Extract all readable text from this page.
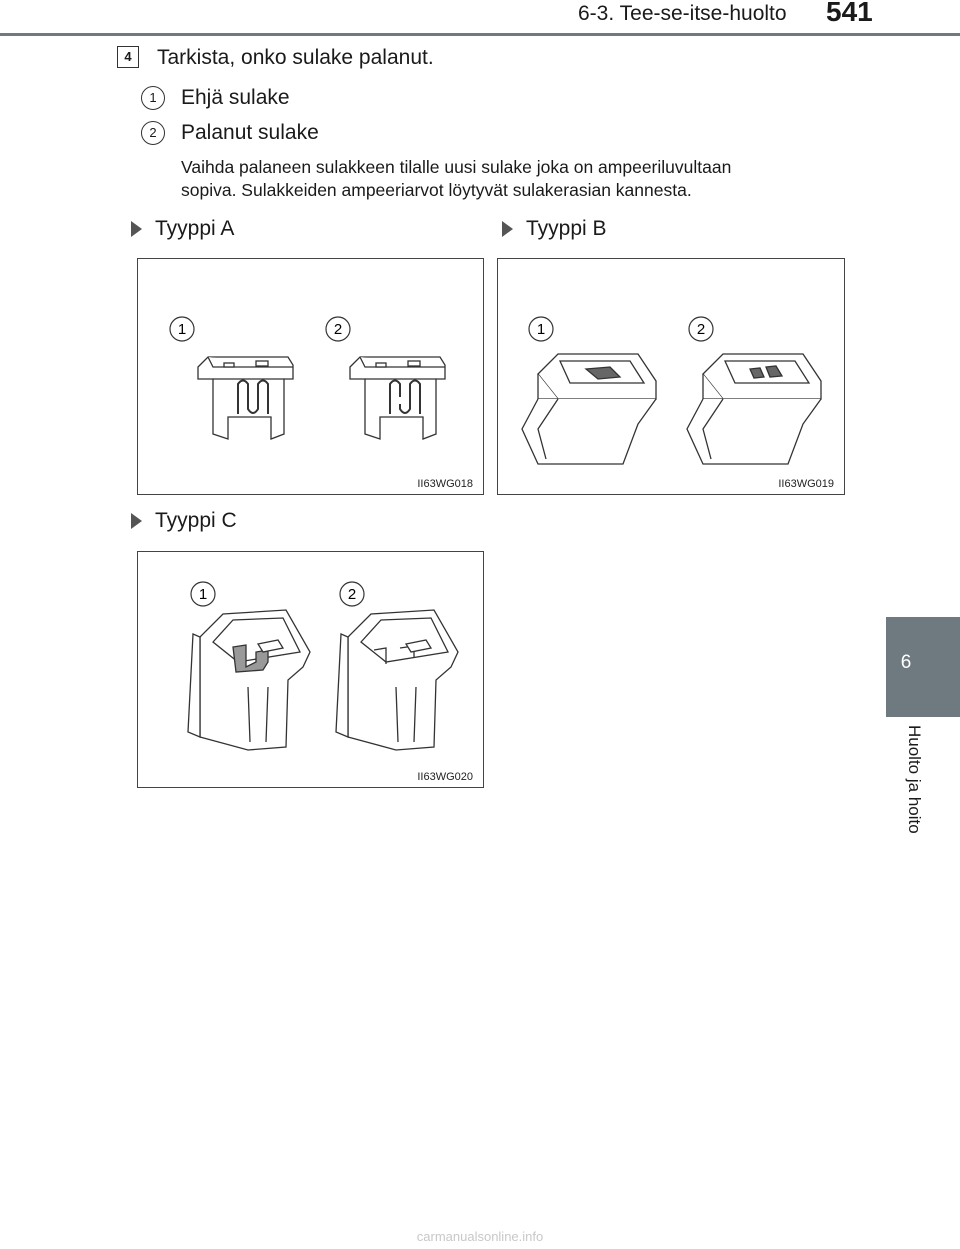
6-3. Tee-se-itse-huolto 541
6
Huolto ja hoito
4	Tarkista, onko sulake palanut.
1	Ehjä sulake
2	Palanut sulake
Vaihda palaneen sulakkeen tilalle uusi sulake joka on ampeeriluvultaan
sopiva. Sulakkeiden ampeeriarvot löytyvät sulakerasian kannesta.
Tyyppi A	Tyyppi B
Tyyppi C
1	2
II63WG018
1	2
II63WG019
1	2
II63WG020
carmanualsonline.info
